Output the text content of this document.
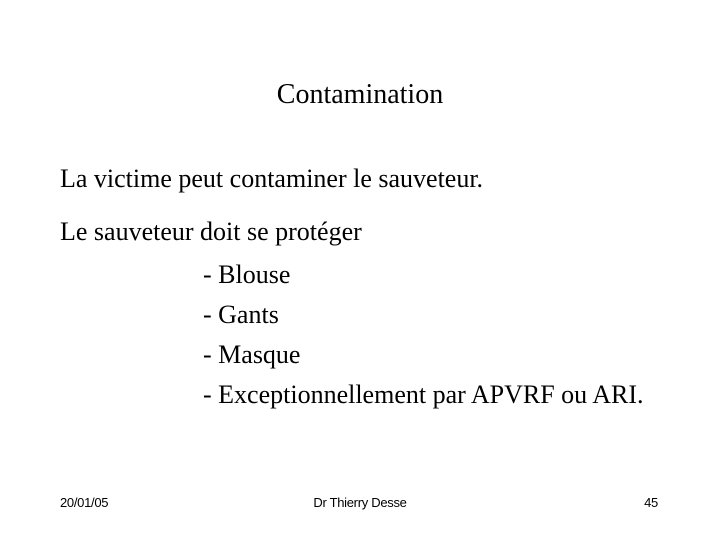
Contamination
La victime peut contaminer le sauveteur.
Le sauveteur doit se protéger
- Blouse
- Gants
- Masque
- Exceptionnellement par APVRF ou ARI.
20/01/05	Dr Thierry Desse	45
